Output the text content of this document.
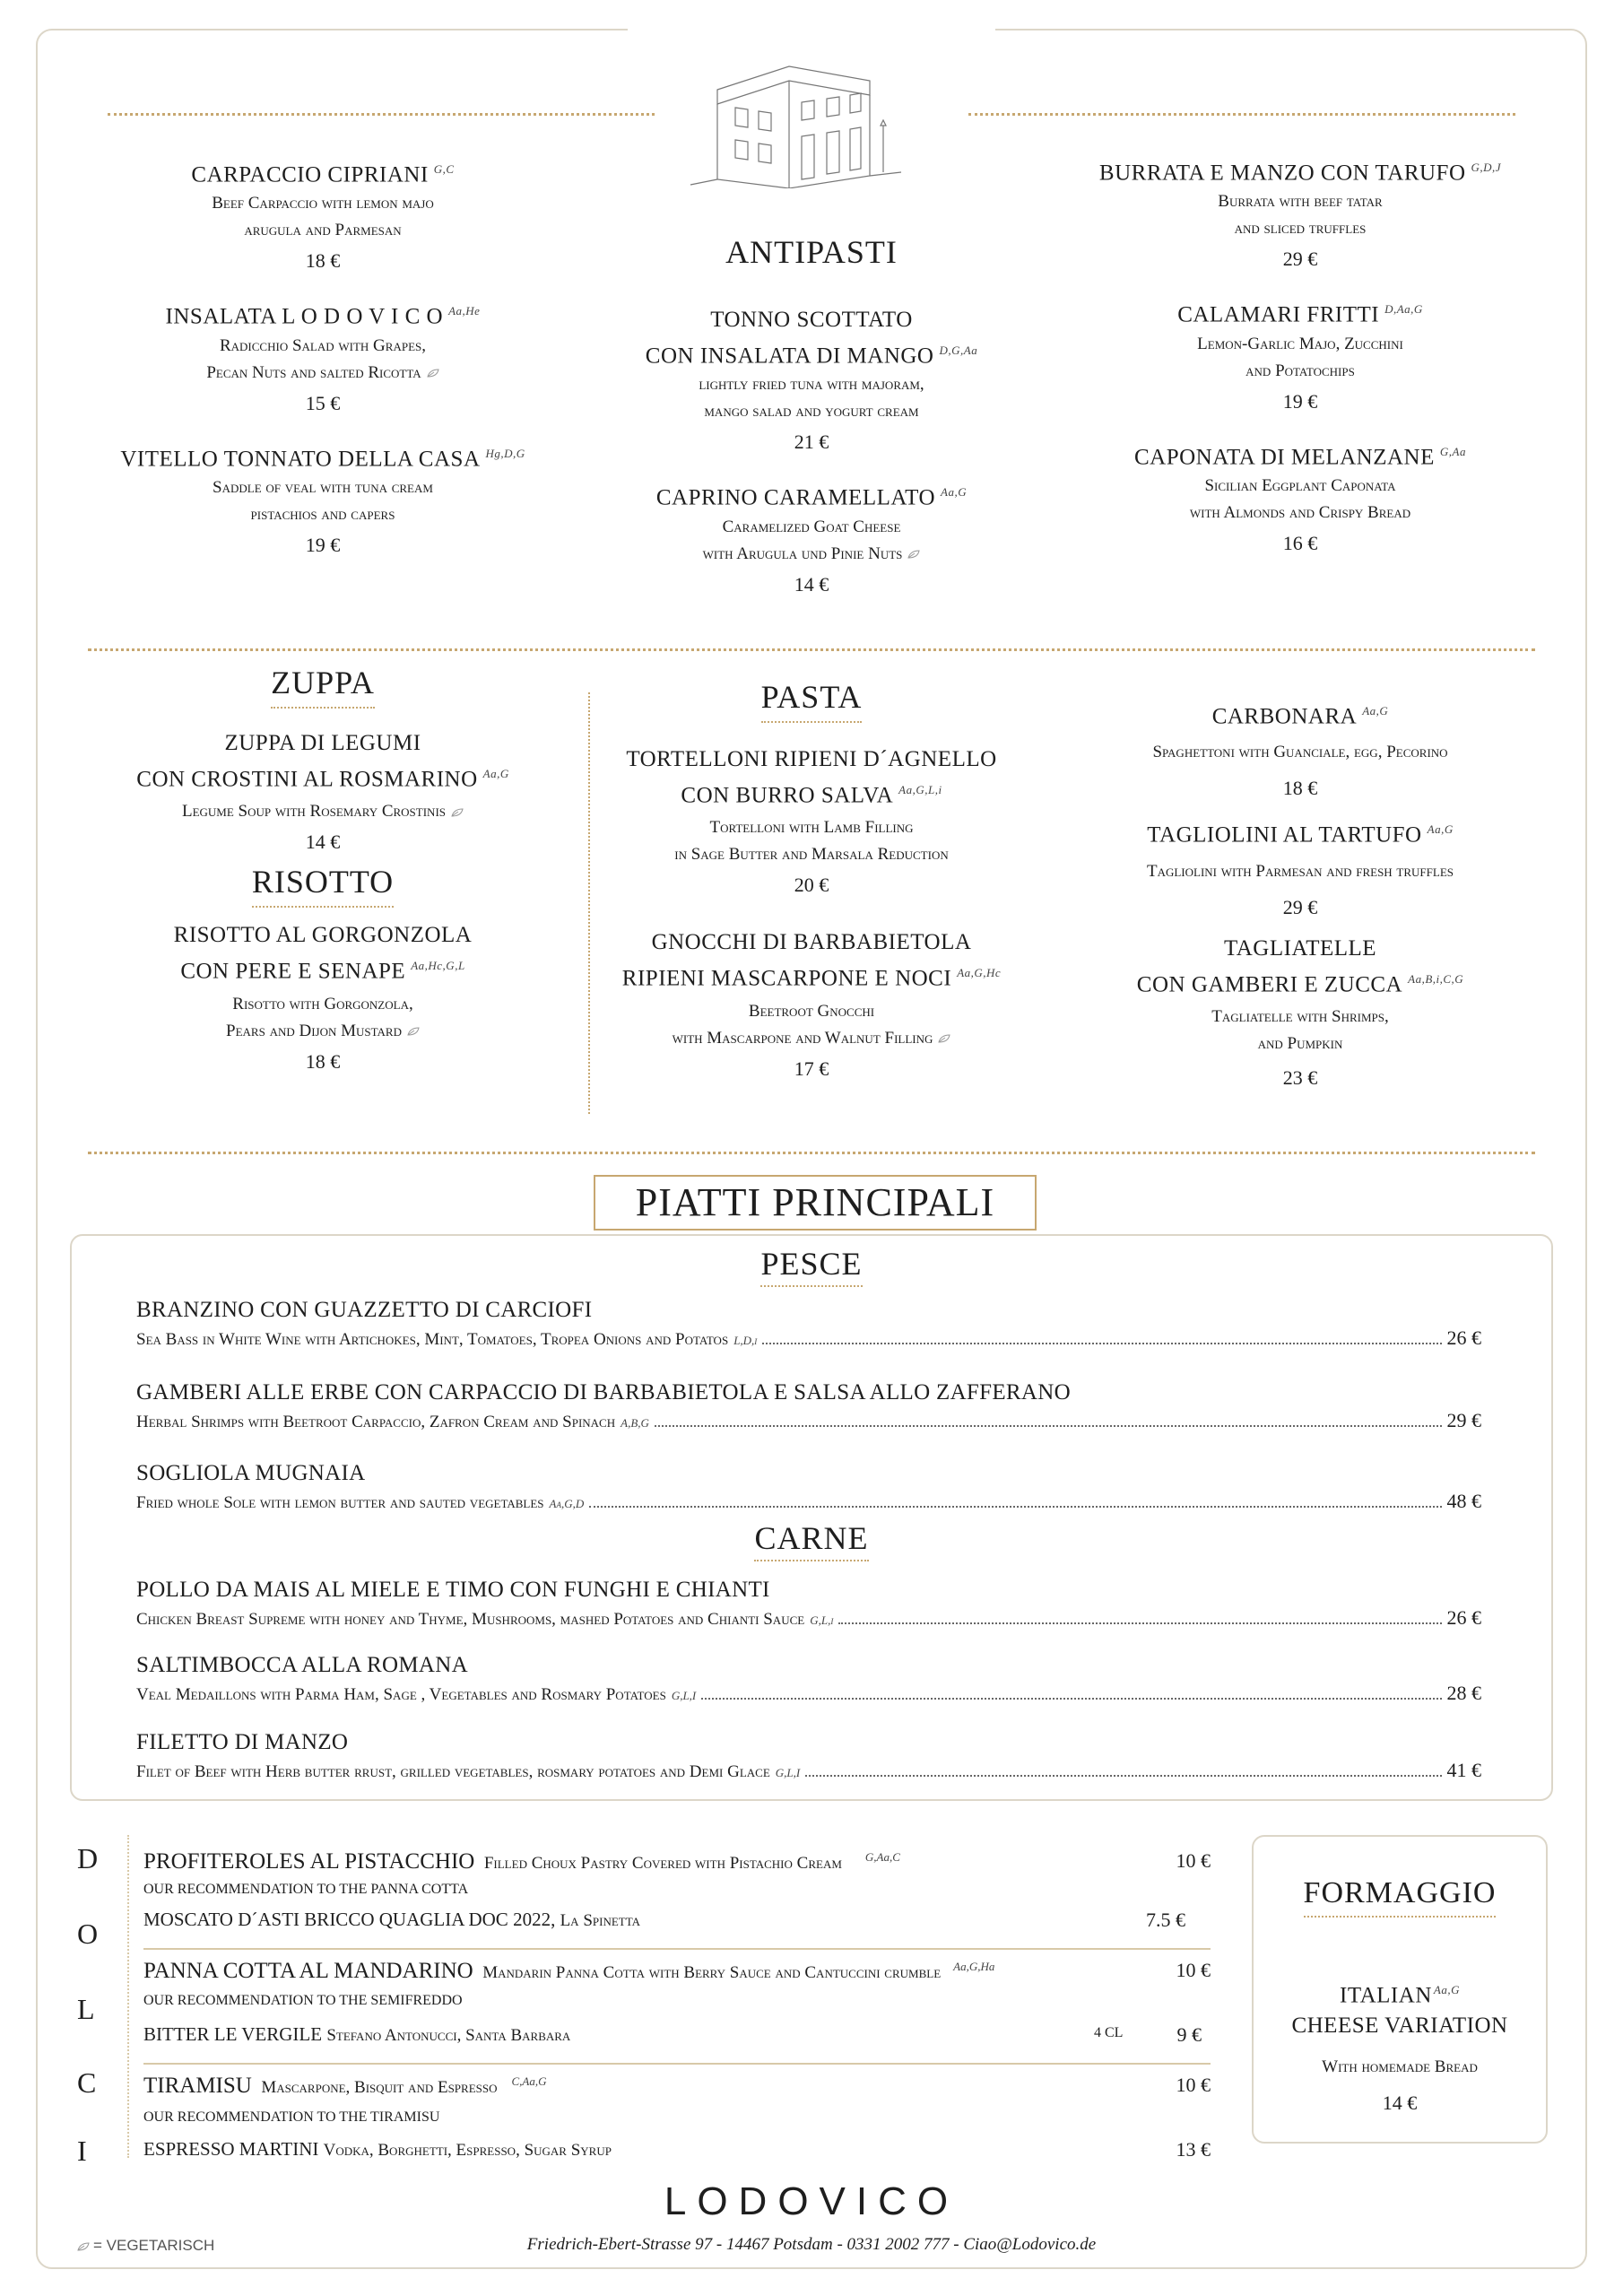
ANTIPASTI
CARPACCIO CIPRIANI $^{G,C}$
Beef Carpaccio with lemon majo
arugula and Parmesan
18 €
INSALATA L O D O V I C O $^{Aa,He}$
Radicchio Salad with Grapes,
Pecan Nuts and salted Ricotta
15 €
VITELLO TONNATO DELLA CASA $^{Hg,D,G}$
Saddle of veal with tuna cream
pistachios and capers
19 €
TONNO SCOTTATO
CON INSALATA DI MANGO $^{D,G,Aa}$
lightly fried tuna with majoram,
mango salad and yogurt cream
21 €
CAPRINO CARAMELLATO $^{Aa,G}$
Caramelized Goat Cheese
with Arugula und Pinie Nuts
14 €
BURRATA E MANZO CON TARUFO $^{G,D,J}$
Burrata with beef tatar
and sliced truffles
29 €
CALAMARI FRITTI $^{D,Aa,G}$
Lemon-Garlic Majo, Zucchini
and Potatochips
19 €
CAPONATA DI MELANZANE $^{G,Aa}$
Sicilian Eggplant Caponata
with Almonds and Crispy Bread
16 €
ZUPPA
ZUPPA DI LEGUMI
CON CROSTINI AL ROSMARINO $^{Aa,G}$
Legume Soup with Rosemary Crostinis
14 €
RISOTTO
RISOTTO AL GORGONZOLA
CON PERE E SENAPE $^{Aa,Hc,G,L}$
Risotto with Gorgonzola,
Pears and Dijon Mustard
18 €
PASTA
TORTELLONI RIPIENI D´AGNELLO
CON BURRO SALVA $^{Aa,G,L,i}$
Tortelloni with Lamb Filling
in Sage Butter and Marsala Reduction
20 €
GNOCCHI DI BARBABIETOLA
RIPIENI MASCARPONE E NOCI $^{Aa,G,Hc}$
Beetroot Gnocchi
with Mascarpone and Walnut Filling
17 €
CARBONARA $^{Aa,G}$
Spaghettoni with Guanciale, egg, Pecorino
18 €
TAGLIOLINI AL TARTUFO $^{Aa,G}$
Tagliolini with Parmesan and fresh truffles
29 €
TAGLIATELLE
CON GAMBERI E ZUCCA $^{Aa,B,i,C,G}$
Tagliatelle with Shrimps,
and Pumpkin
23 €
PIATTI PRINCIPALI
PESCE
BRANZINO CON GUAZZETTO DI CARCIOFI
Sea Bass in White Wine with Artichokes, Mint, Tomatoes, Tropea Onions and Potatos L,D,i	26 €
GAMBERI ALLE ERBE CON CARPACCIO DI BARBABIETOLA E SALSA ALLO ZAFFERANO
Herbal Shrimps with Beetroot Carpaccio, Zafron Cream and Spinach A,B,G	29 €
SOGLIOLA MUGNAIA
Fried whole Sole with lemon butter and sauted vegetables Aa,G,D	48 €
CARNE
POLLO DA MAIS AL MIELE E TIMO CON FUNGHI E CHIANTI
Chicken Breast Supreme with honey and Thyme, Mushrooms, mashed Potatoes and Chianti Sauce G,L,i	26 €
SALTIMBOCCA ALLA ROMANA
Veal Medaillons with Parma Ham, Sage , Vegetables and Rosmary Potatoes G,L,I	28 €
FILETTO DI MANZO
Filet of Beef with Herb butter rrust, grilled vegetables, rosmary potatoes and Demi Glace G,L,I	41 €
D
O
L
C
I
PROFITEROLES AL PISTACCHIO Filled Choux Pastry Covered with Pistachio Cream $^{G,Aa,C}$	10 €
OUR RECOMMENDATION TO THE PANNA COTTA
MOSCATO D´ASTI BRICCO QUAGLIA DOC 2022, La Spinetta	7.5 €
PANNA COTTA AL MANDARINO Mandarin Panna Cotta with Berry Sauce and Cantuccini crumble $^{Aa,G,Ha}$	10 €
OUR RECOMMENDATION TO THE SEMIFREDDO
BITTER LE VERGILE Stefano Antonucci, Santa Barbara	4 CL	9 €
TIRAMISU Mascarpone, Bisquit and Espresso $^{C,Aa,G}$	10 €
OUR RECOMMENDATION TO THE TIRAMISU
ESPRESSO MARTINI Vodka, Borghetti, Espresso, Sugar Syrup	13 €
FORMAGGIO
ITALIAN $^{Aa,G}$
CHEESE VARIATION
With homemade Bread
14 €
LODOVICO
Friedrich-Ebert-Strasse 97 - 14467 Potsdam - 0331 2002 777 - Ciao@Lodovico.de
= VEGETARISCH
